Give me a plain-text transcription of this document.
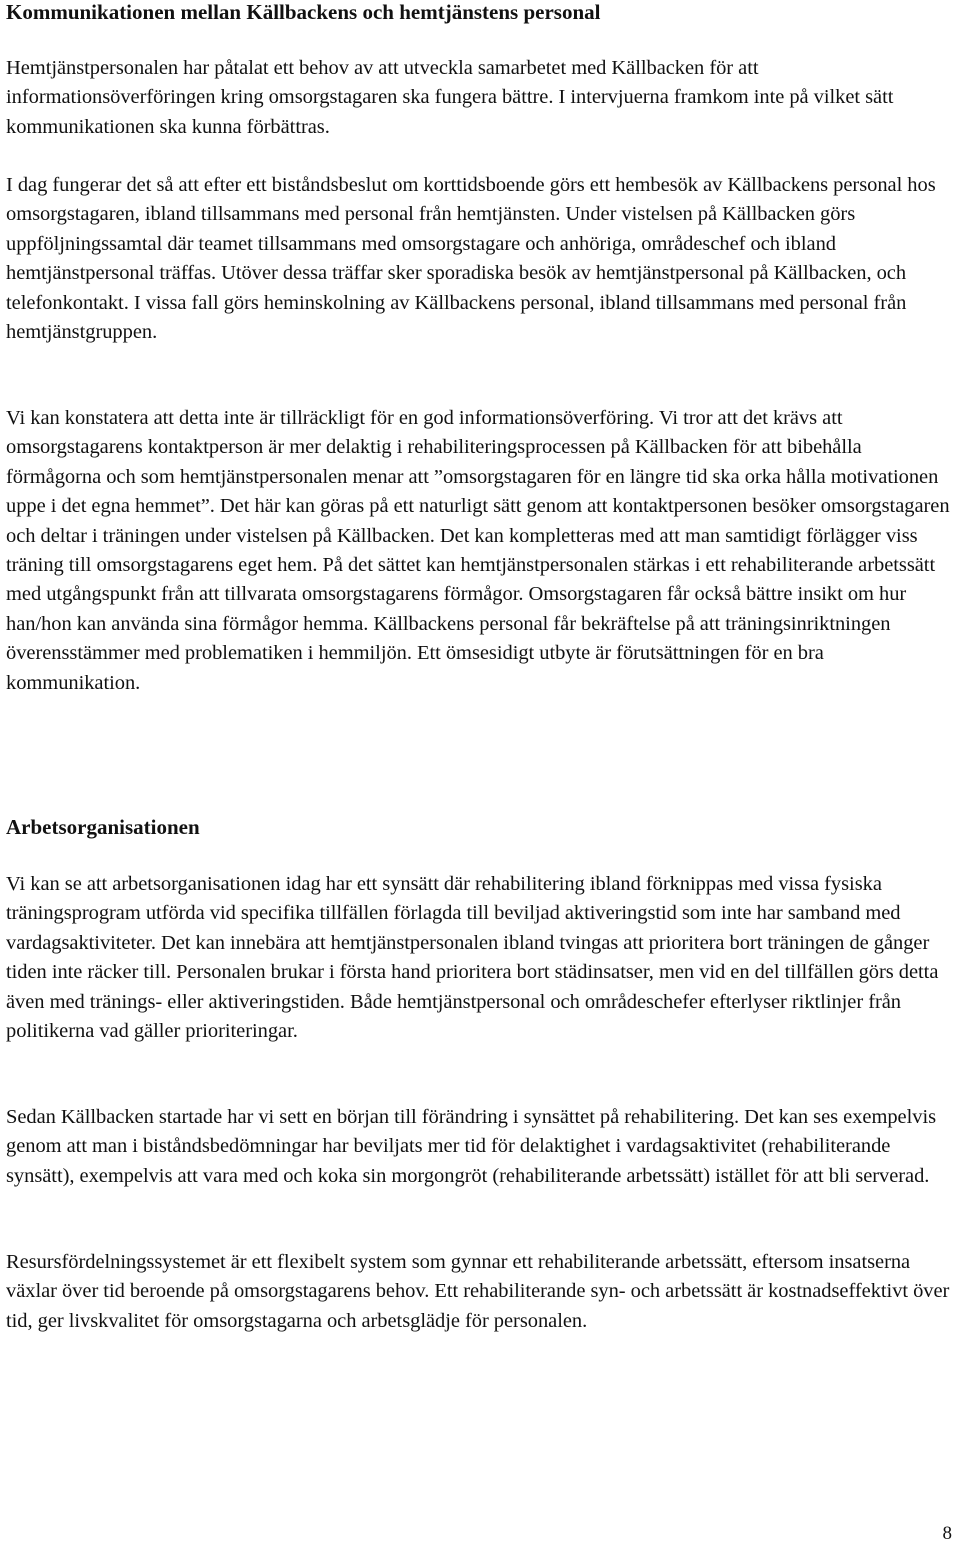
Kommunikationen mellan Källbackens och hemtjänstens personal

Hemtjänstpersonalen har påtalat ett behov av att utveckla samarbetet med Källbacken för att informationsöverföringen kring omsorgstagaren ska fungera bättre. I intervjuerna framkom inte på vilket sätt kommunikationen ska kunna förbättras.

I dag fungerar det så att efter ett biståndsbeslut om korttidsboende görs ett hembesök av Källbackens personal hos omsorgstagaren, ibland tillsammans med personal från hemtjänsten. Under vistelsen på Källbacken görs uppföljningssamtal där teamet tillsammans med omsorgstagare och anhöriga, områdeschef och ibland hemtjänstpersonal träffas. Utöver dessa träffar sker sporadiska besök av hemtjänstpersonal på Källbacken, och telefonkontakt. I vissa fall görs heminskolning av Källbackens personal, ibland tillsammans med personal från hemtjänstgruppen.

Vi kan konstatera att detta inte är tillräckligt för en god informationsöverföring. Vi tror att det krävs att omsorgstagarens kontaktperson är mer delaktig i rehabiliteringsprocessen på Källbacken för att bibehålla förmågorna och som hemtjänstpersonalen menar att ”omsorgstagaren för en längre tid ska orka hålla motivationen uppe i det egna hemmet”. Det här kan göras på ett naturligt sätt genom att kontaktpersonen besöker omsorgstagaren och deltar i träningen under vistelsen på Källbacken. Det kan kompletteras med att man samtidigt förlägger viss träning till omsorgstagarens eget hem. På det sättet kan hemtjänstpersonalen stärkas i ett rehabiliterande arbetssätt med utgångspunkt från att tillvarata omsorgstagarens förmågor. Omsorgstagaren får också bättre insikt om hur han/hon kan använda sina förmågor hemma. Källbackens personal får bekräftelse på att träningsinriktningen överensstämmer med problematiken i hemmiljön. Ett ömsesidigt utbyte är förutsättningen för en bra kommunikation.

Arbetsorganisationen

Vi kan se att arbetsorganisationen idag har ett synsätt där rehabilitering ibland förknippas med vissa fysiska träningsprogram utförda vid specifika tillfällen förlagda till beviljad aktiveringstid som inte har samband med vardagsaktiviteter. Det kan innebära att hemtjänstpersonalen ibland tvingas att prioritera bort träningen de gånger tiden inte räcker till. Personalen brukar i första hand prioritera bort städinsatser, men vid en del tillfällen görs detta även med tränings- eller aktiveringstiden. Både hemtjänstpersonal och områdeschefer efterlyser riktlinjer från politikerna vad gäller prioriteringar.

Sedan Källbacken startade har vi sett en början till förändring i synsättet på rehabilitering. Det kan ses exempelvis genom att man i biståndsbedömningar har beviljats mer tid för delaktighet i vardagsaktivitet (rehabiliterande synsätt), exempelvis att vara med och koka sin morgongröt (rehabiliterande arbetssätt) istället för att bli serverad.

Resursfördelningssystemet är ett flexibelt system som gynnar ett rehabiliterande arbetssätt, eftersom insatserna växlar över tid beroende på omsorgstagarens behov. Ett rehabiliterande syn- och arbetssätt är kostnadseffektivt över tid, ger livskvalitet för omsorgstagarna och arbetsglädje för personalen.

8
